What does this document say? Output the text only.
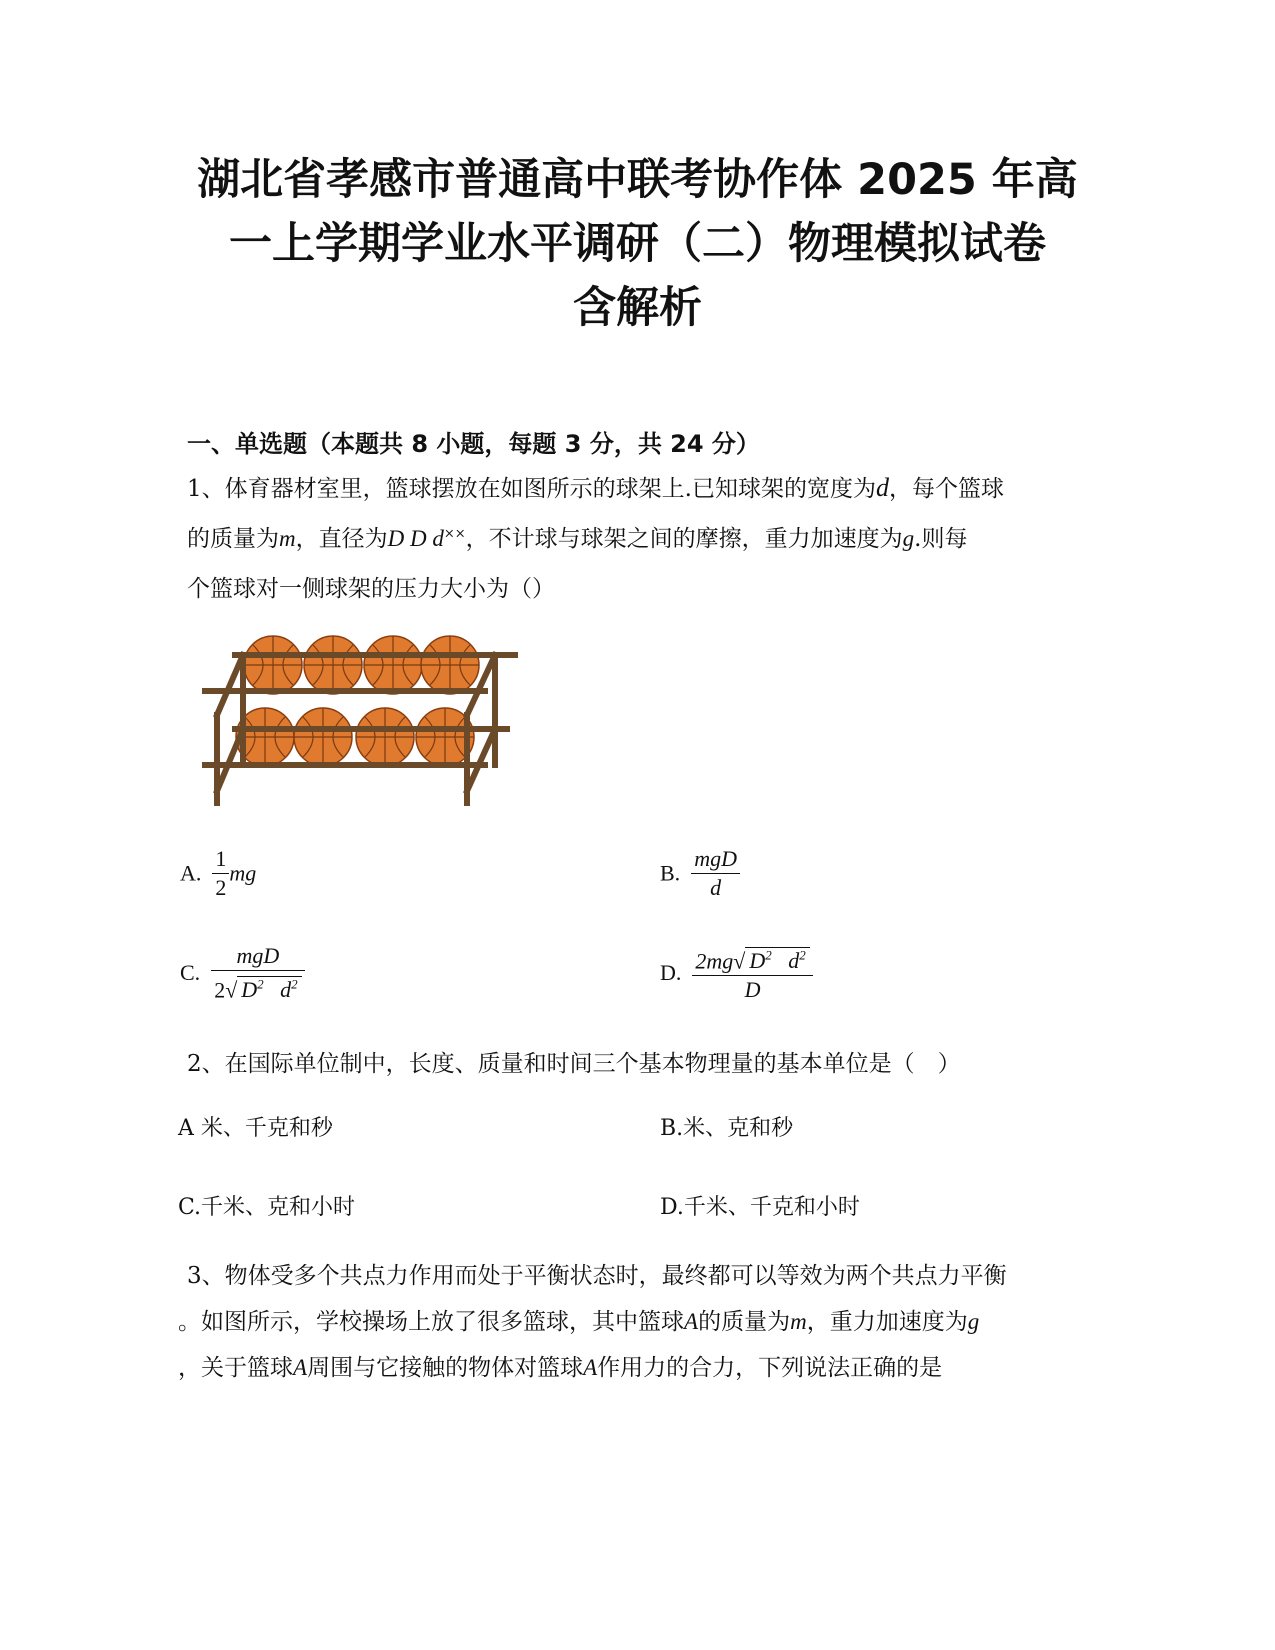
湖北省孝感市普通高中联考协作体 2025 年高
一上学期学业水平调研（二）物理模拟试卷
含解析
一、单选题（本题共 8 小题，每题 3 分，共 24 分）
1、体育器材室里，篮球摆放在如图所示的球架上.已知球架的宽度为d，每个篮球
的质量为m，直径为D D d××，不计球与球架之间的摩擦，重力加速度为g.则每
个篮球对一侧球架的压力大小为（）
A. $\frac{1}{2}$ mg	B. $\frac{\text{mgD}}{d}$
C. $\frac{\text{mgD}}{2√ D^2 d^2}$	D. $\frac{2mg√ D^2 d^2}{D}$
2、在国际单位制中，长度、质量和时间三个基本物理量的基本单位是（　）
A 米、千克和秒	B.米、克和秒
C.千米、克和小时	D.千米、千克和小时
3、物体受多个共点力作用而处于平衡状态时，最终都可以等效为两个共点力平衡
。如图所示，学校操场上放了很多篮球，其中篮球A的质量为m，重力加速度为g
，关于篮球A周围与它接触的物体对篮球A作用力的合力，下列说法正确的是
